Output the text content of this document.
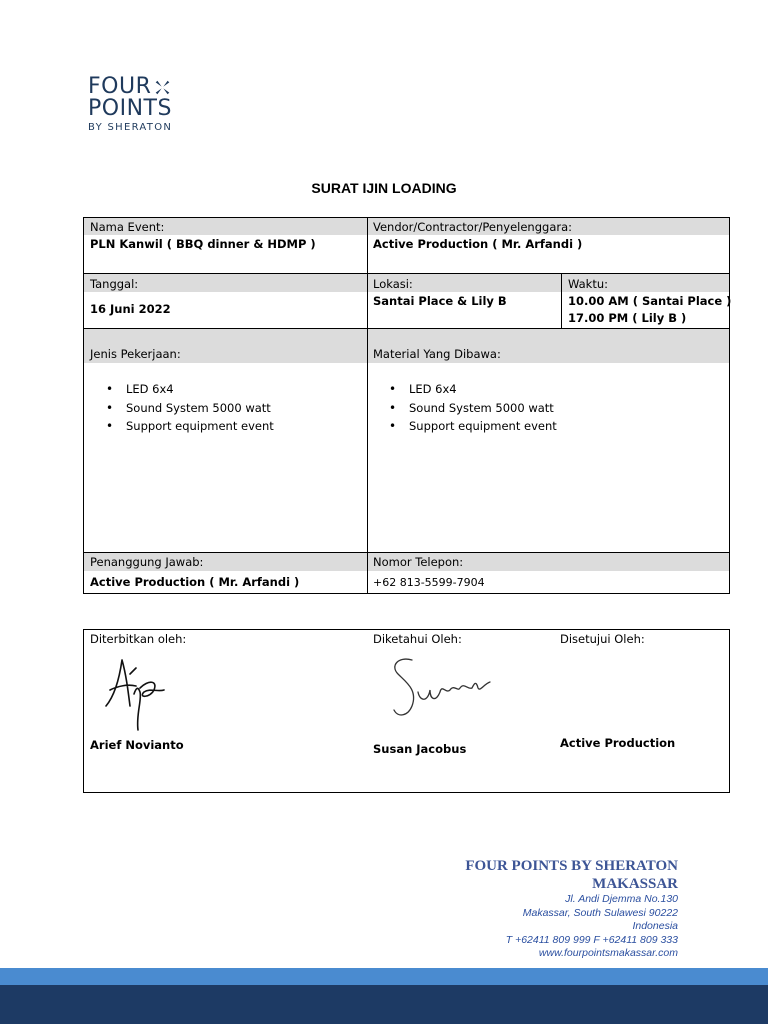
FOUR
POINTS
BY SHERATON
SURAT IJIN LOADING
Nama Event:
PLN Kanwil ( BBQ dinner & HDMP )
Vendor/Contractor/Penyelenggara:
Active Production ( Mr. Arfandi )
Tanggal:
16 Juni 2022
Lokasi:
Santai Place & Lily B
Waktu:
10.00 AM ( Santai Place )
17.00 PM ( Lily B )
Jenis Pekerjaan:
• LED 6x4
• Sound System 5000 watt
• Support equipment event
Material Yang Dibawa:
• LED 6x4
• Sound System 5000 watt
• Support equipment event
Penanggung Jawab:
Active Production ( Mr. Arfandi )
Nomor Telepon:
+62 813-5599-7904
Diterbitkan oleh:	Diketahui Oleh:	Disetujui Oleh:
Arief Novianto	Susan Jacobus	Active Production
FOUR POINTS BY SHERATON
MAKASSAR
Jl. Andi Djemma No.130
Makassar, South Sulawesi 90222
Indonesia
T +62411 809 999 F +62411 809 333
www.fourpointsmakassar.com
